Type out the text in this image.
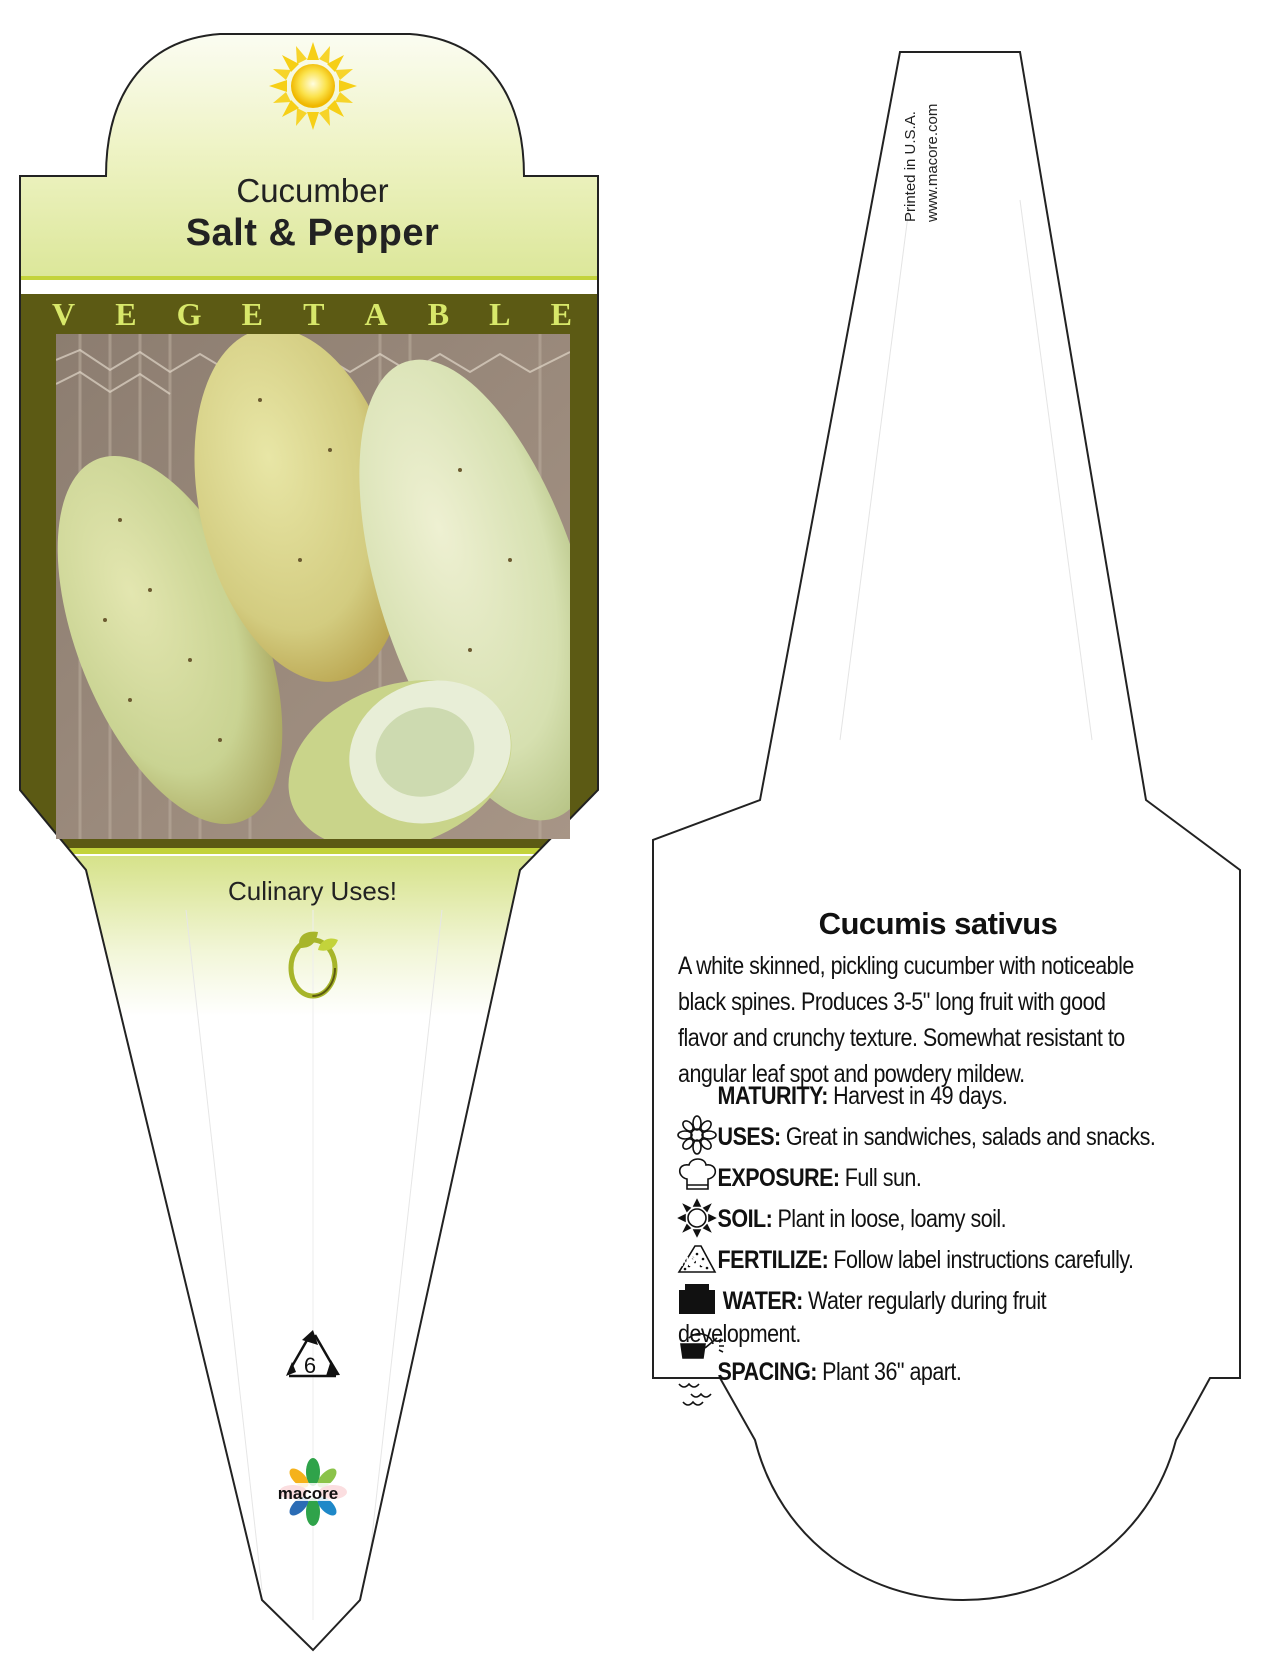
Cucumber
Salt & Pepper
V E G E T A B L E
Culinary Uses!
6
macore
Printed in U.S.A. www.macore.com
Cucumis sativus
A white skinned, pickling cucumber with noticeable black spines. Produces 3-5" long fruit with good flavor and crunchy texture. Somewhat resistant to angular leaf spot and powdery mildew.
MATURITY: Harvest in 49 days.
USES: Great in sandwiches, salads and snacks.
EXPOSURE: Full sun.
SOIL: Plant in loose, loamy soil.
NPK FERTILIZE: Follow label instructions carefully.
WATER: Water regularly during fruit
development.
SPACING: Plant 36" apart.
